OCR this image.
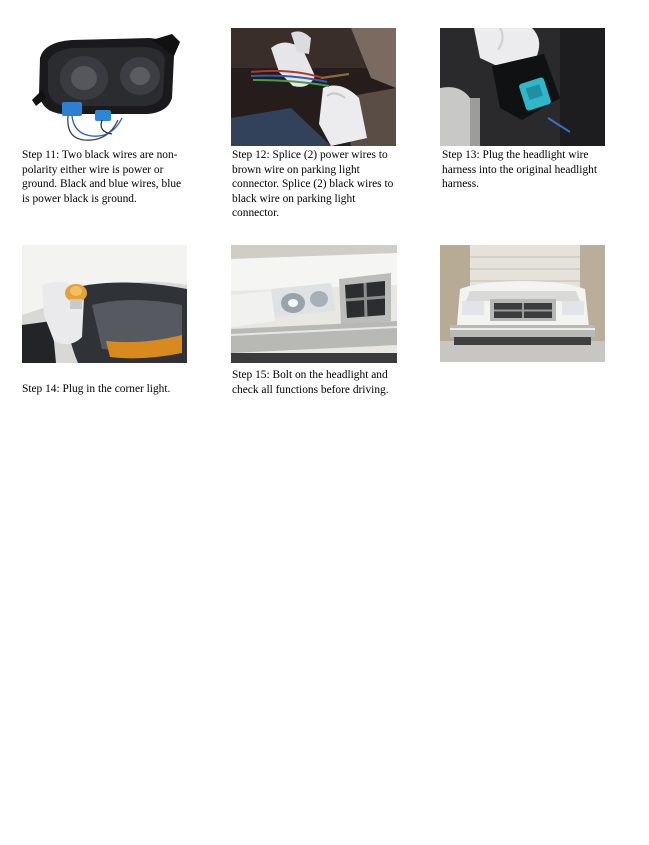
Step 11: Two black wires are non-polarity either wire is power or ground. Black and blue wires, blue is power black is ground.

Step 12: Splice (2) power wires to brown wire on parking light connector. Splice (2) black wires to black wire on parking light connector.

Step 13: Plug the headlight wire harness into the original headlight harness.

Step 14: Plug in the corner light.

Step 15: Bolt on the headlight and check all functions before driving.
